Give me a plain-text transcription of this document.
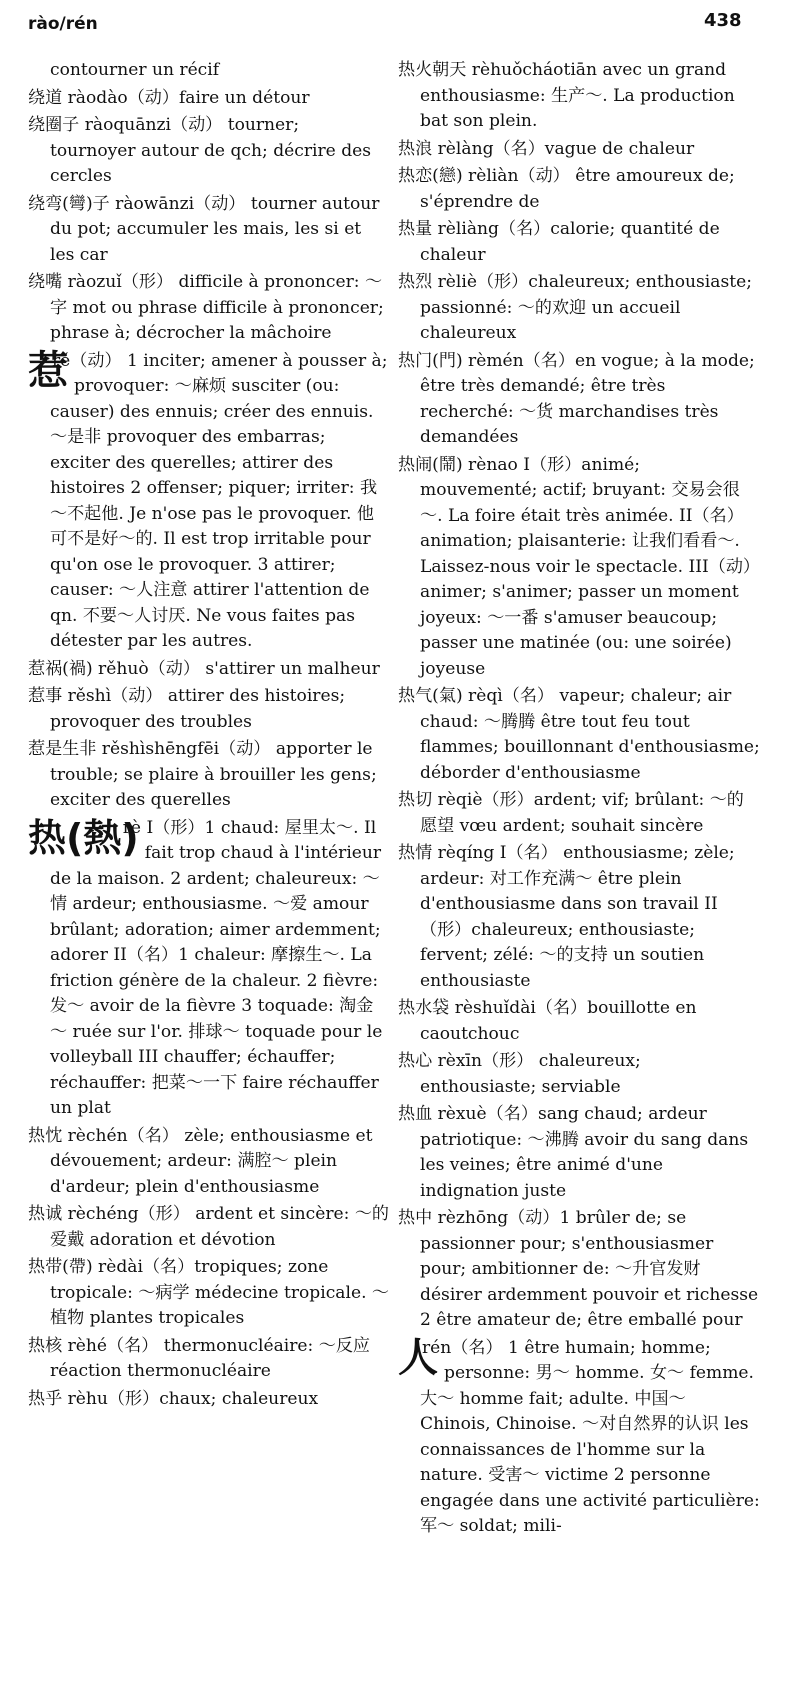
rào/rén	438

contourner un récif

绕道 ràodào（动）faire un détour

绕圈子 ràoquānzi（动） tourner; tournoyer autour de qch; décrire des cercles

绕弯(彎)子 ràowānzi（动） tourner autour du pot; accumuler les mais, les si et les car

绕嘴 ràozuǐ（形） difficile à prononcer: ～字 mot ou phrase difficile à prononcer; phrase à; décrocher la mâchoire

惹
rě（动） 1 inciter; amener à pousser à; provoquer: ～麻烦 susciter (ou: causer) des ennuis; créer des ennuis. ～是非 provoquer des embarras; exciter des querelles; attirer des histoires 2 offenser; piquer; irriter: 我～不起他. Je n'ose pas le provoquer. 他可不是好～的. Il est trop irritable pour qu'on ose le provoquer. 3 attirer; causer: ～人注意 attirer l'attention de qn. 不要～人讨厌. Ne vous faites pas détester par les autres.

惹祸(禍) rěhuò（动） s'attirer un malheur

惹事 rěshì（动） attirer des histoires; provoquer des troubles

惹是生非 rěshìshēngfēi（动） apporter le trouble; se plaire à brouiller les gens; exciter des querelles

热(熱)
rè I（形）1 chaud: 屋里太～. Il fait trop chaud à l'intérieur de la maison. 2 ardent; chaleureux: ～情 ardeur; enthousiasme. ～爱 amour brûlant; adoration; aimer ardemment; adorer II（名）1 chaleur: 摩擦生～. La friction génère de la chaleur. 2 fièvre: 发～ avoir de la fièvre 3 toquade: 淘金～ ruée sur l'or. 排球～ toquade pour le volleyball III chauffer; échauffer; réchauffer: 把菜～一下 faire réchauffer un plat

热忱 rèchén（名） zèle; enthousiasme et dévouement; ardeur: 满腔～ plein d'ardeur; plein d'enthousiasme

热诚 rèchéng（形） ardent et sincère: ～的爱戴 adoration et dévotion

热带(帶) rèdài（名）tropiques; zone tropicale: ～病学 médecine tropicale. ～植物 plantes tropicales

热核 rèhé（名） thermonucléaire: ～反应 réaction thermonucléaire

热乎 rèhu（形）chaux; chaleureux

热火朝天 rèhuǒcháotiān avec un grand enthousiasme: 生产～. La production bat son plein.

热浪 rèlàng（名）vague de chaleur

热恋(戀) rèliàn（动） être amoureux de; s'éprendre de

热量 rèliàng（名）calorie; quantité de chaleur

热烈 rèliè（形）chaleureux; enthousiaste; passionné: ～的欢迎 un accueil chaleureux

热门(門) rèmén（名）en vogue; à la mode; être très demandé; être très recherché: ～货 marchandises très demandées

热闹(鬧) rènao I（形）animé; mouvementé; actif; bruyant: 交易会很～. La foire était très animée. II（名）animation; plaisanterie: 让我们看看～. Laissez-nous voir le spectacle. III（动）animer; s'animer; passer un moment joyeux: ～一番 s'amuser beaucoup; passer une matinée (ou: une soirée) joyeuse

热气(氣) rèqì（名） vapeur; chaleur; air chaud: ～腾腾 être tout feu tout flammes; bouillonnant d'enthousiasme; déborder d'enthousiasme

热切 rèqiè（形）ardent; vif; brûlant: ～的愿望 vœu ardent; souhait sincère

热情 rèqíng I（名） enthousiasme; zèle; ardeur: 对工作充满～ être plein d'enthousiasme dans son travail II（形）chaleureux; enthousiaste; fervent; zélé: ～的支持 un soutien enthousiaste

热水袋 rèshuǐdài（名）bouillotte en caoutchouc

热心 rèxīn（形） chaleureux; enthousiaste; serviable

热血 rèxuè（名）sang chaud; ardeur patriotique: ～沸腾 avoir du sang dans les veines; être animé d'une indignation juste

热中 rèzhōng（动）1 brûler de; se passionner pour; s'enthousiasmer pour; ambitionner de: ～升官发财 désirer ardemment pouvoir et richesse 2 être amateur de; être emballé pour

人
rén（名） 1 être humain; homme; personne: 男～ homme. 女～ femme. 大～ homme fait; adulte. 中国～ Chinois, Chinoise. ～对自然界的认识 les connaissances de l'homme sur la nature. 受害～ victime 2 personne engagée dans une activité particulière: 军～ soldat; mili-
